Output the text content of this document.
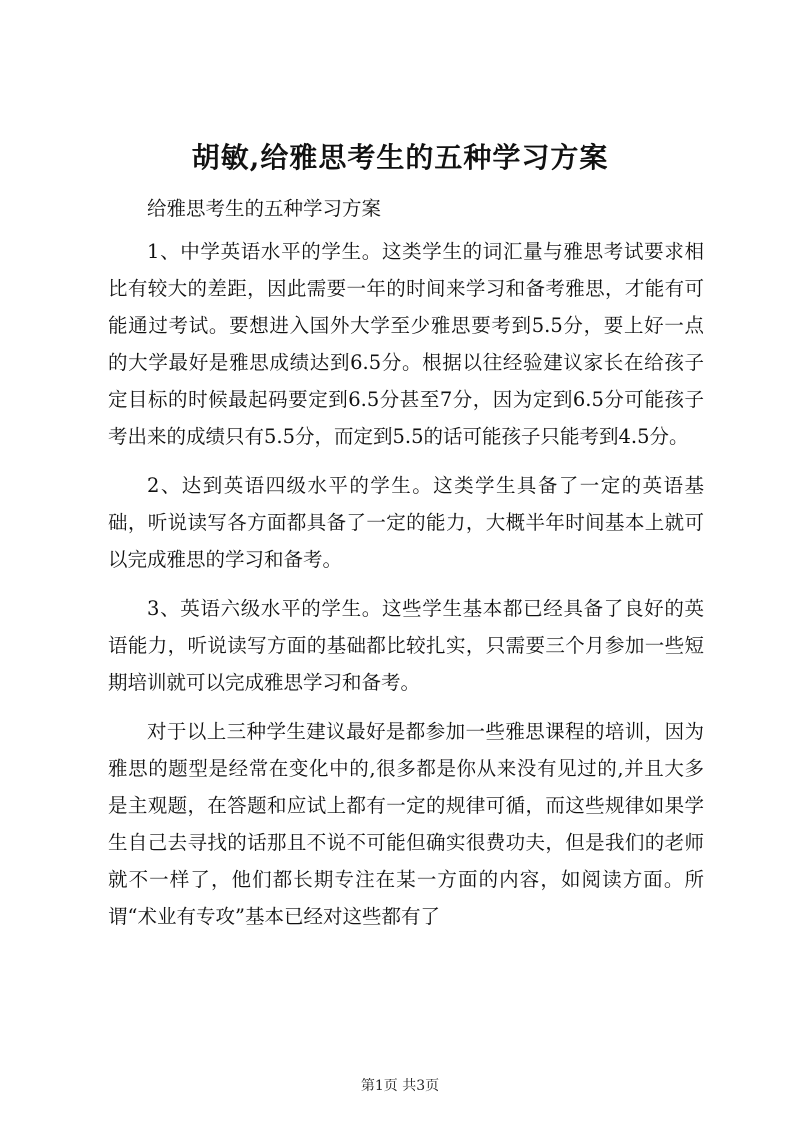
胡敏,给雅思考生的五种学习方案

给雅思考生的五种学习方案

1、中学英语水平的学生。这类学生的词汇量与雅思考试要求相比有较大的差距，因此需要一年的时间来学习和备考雅思，才能有可能通过考试。要想进入国外大学至少雅思要考到5.5分，要上好一点的大学最好是雅思成绩达到6.5分。根据以往经验建议家长在给孩子定目标的时候最起码要定到6.5分甚至7分，因为定到6.5分可能孩子考出来的成绩只有5.5分，而定到5.5的话可能孩子只能考到4.5分。

2、达到英语四级水平的学生。这类学生具备了一定的英语基础，听说读写各方面都具备了一定的能力，大概半年时间基本上就可以完成雅思的学习和备考。

3、英语六级水平的学生。这些学生基本都已经具备了良好的英语能力，听说读写方面的基础都比较扎实，只需要三个月参加一些短期培训就可以完成雅思学习和备考。

对于以上三种学生建议最好是都参加一些雅思课程的培训，因为雅思的题型是经常在变化中的,很多都是你从来没有见过的,并且大多是主观题，在答题和应试上都有一定的规律可循，而这些规律如果学生自己去寻找的话那且不说不可能但确实很费功夫，但是我们的老师就不一样了，他们都长期专注在某一方面的内容，如阅读方面。所谓“术业有专攻”基本已经对这些都有了

第1页 共3页
